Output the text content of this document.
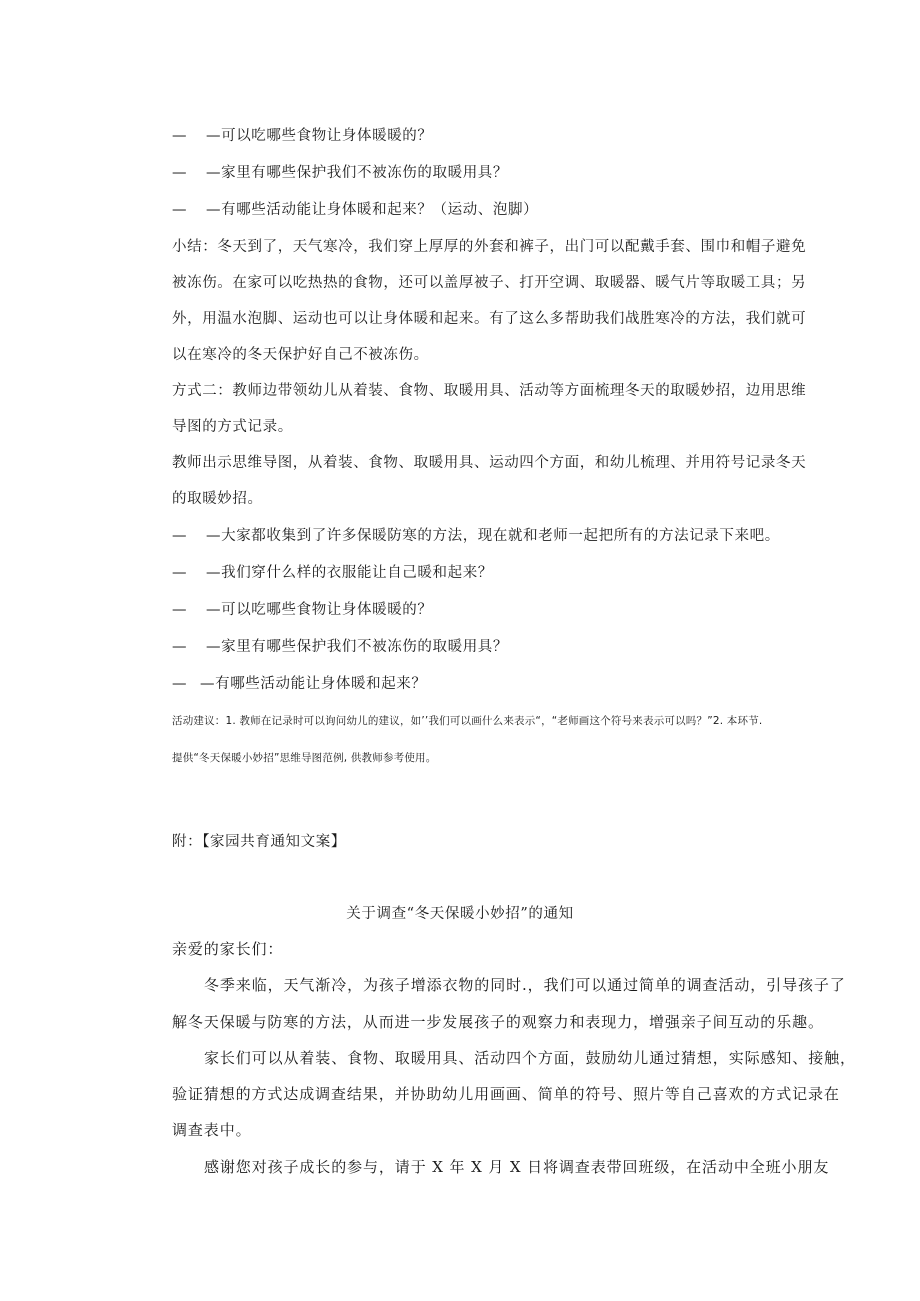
— —可以吃哪些食物让身体暖暖的？
— —家里有哪些保护我们不被冻伤的取暖用具？
— —有哪些活动能让身体暖和起来？（运动、泡脚）
小结：冬天到了，天气寒冷，我们穿上厚厚的外套和裤子，出门可以配戴手套、围巾和帽子避免
被冻伤。在家可以吃热热的食物，还可以盖厚被子、打开空调、取暖器、暖气片等取暖工具；另
外，用温水泡脚、运动也可以让身体暖和起来。有了这么多帮助我们战胜寒冷的方法，我们就可
以在寒冷的冬天保护好自己不被冻伤。
方式二：教师边带领幼儿从着装、食物、取暖用具、活动等方面梳理冬天的取暖妙招，边用思维
导图的方式记录。
教师出示思维导图，从着装、食物、取暖用具、运动四个方面，和幼儿梳理、并用符号记录冬天
的取暖妙招。
— —大家都收集到了许多保暖防寒的方法，现在就和老师一起把所有的方法记录下来吧。
— —我们穿什么样的衣服能让自己暖和起来？
— —可以吃哪些食物让身体暖暖的？
— —家里有哪些保护我们不被冻伤的取暖用具？
— —有哪些活动能让身体暖和起来？
活动建议：1. 教师在记录时可以询问幼儿的建议，如’’我们可以画什么来表示“，“老师画这个符号来表示可以吗？”2. 本环节.
提供“冬天保暖小妙招”思维导图范例, 供教师参考使用。
附：【家园共育通知文案】
关于调查“冬天保暖小妙招”的通知
亲爱的家长们：
冬季来临，天气渐冷，为孩子增添衣物的同时.，我们可以通过简单的调查活动，引导孩子了
解冬天保暖与防寒的方法，从而进一步发展孩子的观察力和表现力，增强亲子间互动的乐趣。
家长们可以从着装、食物、取暖用具、活动四个方面，鼓励幼儿通过猜想，实际感知、接触，
验证猜想的方式达成调查结果，并协助幼儿用画画、简单的符号、照片等自己喜欢的方式记录在
调查表中。
感谢您对孩子成长的参与，请于 X 年 X 月 X 日将调查表带回班级，在活动中全班小朋友
